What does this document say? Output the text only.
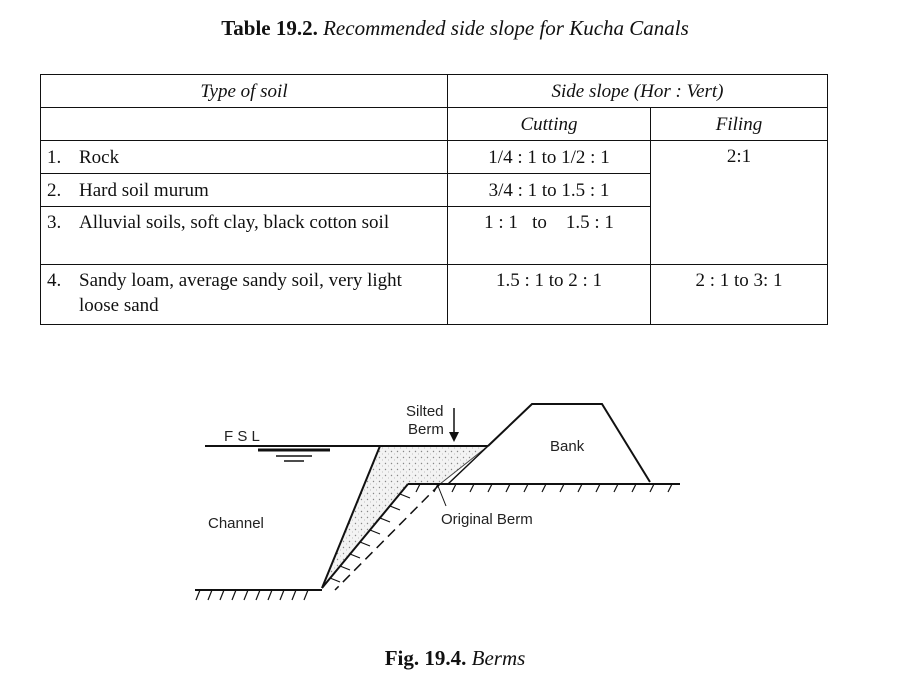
Table 19.2. Recommended side slope for Kucha Canals
Type of soil	Side slope (Hor : Vert)	
	Cutting	Filing

1. Rock	1/4 : 1 to 1/2 : 1	2:1

2. Hard soil murum	3/4 : 1 to 1.5 : 1	

3. Alluvial soils, soft clay, black cotton soil	1 : 1   to    1.5 : 1	

4. Sandy loam, average sandy soil, very light loose sand	1.5 : 1 to 2 : 1	2 : 1 to 3: 1
F S L
Silted
Berm
Bank
Channel	Original Berm
Fig. 19.4. Berms
